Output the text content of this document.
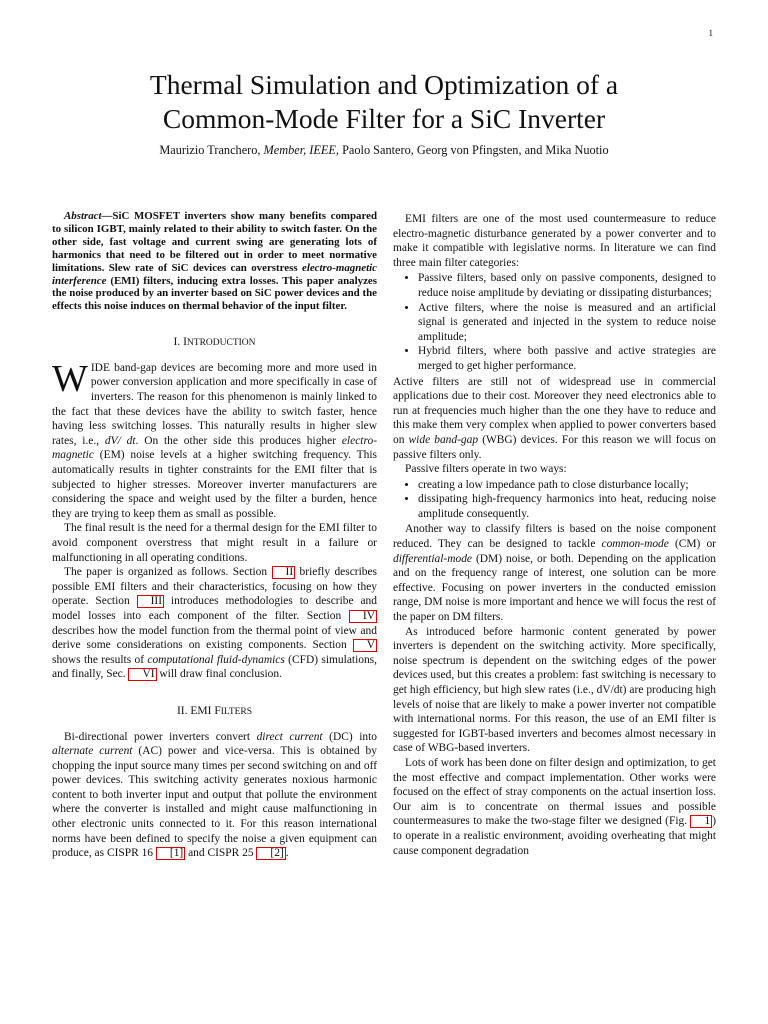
1
Thermal Simulation and Optimization of a
Common-Mode Filter for a SiC Inverter
Maurizio Tranchero, Member, IEEE, Paolo Santero, Georg von Pfingsten, and Mika Nuotio

Abstract—SiC MOSFET inverters show many benefits compared to silicon IGBT, mainly related to their ability to switch faster. On the other side, fast voltage and current swing are generating lots of harmonics that need to be filtered out in order to meet normative limitations. Slew rate of SiC devices can overstress electro-magnetic interference (EMI) filters, inducing extra losses. This paper analyzes the noise produced by an inverter based on SiC power devices and the effects this noise induces on thermal behavior of the input filter.

I. INTRODUCTION

WIDE band-gap devices are becoming more and more used in power conversion application and more specifically in case of inverters. The reason for this phenomenon is mainly linked to the fact that these devices have the ability to switch faster, hence having less switching losses. This naturally results in higher slew rates, i.e., dV/ dt. On the other side this produces higher electro-magnetic (EM) noise levels at a higher switching frequency. This automatically results in tighter constraints for the EMI filter that is subjected to higher stresses. Moreover inverter manufacturers are considering the space and weight used by the filter a burden, hence they are trying to keep them as small as possible.

The final result is the need for a thermal design for the EMI filter to avoid component overstress that might result in a failure or malfunctioning in all operating conditions.

The paper is organized as follows. Section II briefly describes possible EMI filters and their characteristics, focusing on how they operate. Section III introduces methodologies to describe and model losses into each component of the filter. Section IV describes how the model function from the thermal point of view and derive some considerations on existing components. Section V shows the results of computational fluid-dynamics (CFD) simulations, and finally, Sec. VI will draw final conclusion.

II. EMI FILTERS

Bi-directional power inverters convert direct current (DC) into alternate current (AC) power and vice-versa. This is obtained by chopping the input source many times per second switching on and off power devices. This switching activity generates noxious harmonic content to both inverter input and output that pollute the environment where the converter is installed and might cause malfunctioning in other electronic units connected to it. For this reason international norms have been defined to specify the noise a given equipment can produce, as CISPR 16 [1] and CISPR 25 [2] .

EMI filters are one of the most used countermeasure to reduce electro-magnetic disturbance generated by a power converter and to make it compatible with legislative norms. In literature we can find three main filter categories:

• Passive filters, based only on passive components, designed to reduce noise amplitude by deviating or dissipating disturbances;
• Active filters, where the noise is measured and an artificial signal is generated and injected in the system to reduce noise amplitude;
• Hybrid filters, where both passive and active strategies are merged to get higher performance.

Active filters are still not of widespread use in commercial applications due to their cost. Moreover they need electronics able to run at frequencies much higher than the one they have to reduce and this make them very complex when applied to power converters based on wide band-gap (WBG) devices. For this reason we will focus on passive filters only.

Passive filters operate in two ways:

• creating a low impedance path to close disturbance locally;
• dissipating high-frequency harmonics into heat, reducing noise amplitude consequently.

Another way to classify filters is based on the noise component reduced. They can be designed to tackle common-mode (CM) or differential-mode (DM) noise, or both. Depending on the application and on the frequency range of interest, one solution can be more effective. Focusing on power inverters in the conducted emission range, DM noise is more important and hence we will focus the rest of the paper on DM filters.

As introduced before harmonic content generated by power inverters is dependent on the switching activity. More specifically, noise spectrum is dependent on the switching edges of the power devices used, but this creates a problem: fast switching is necessary to get high efficiency, but high slew rates (i.e., dV/dt) are producing high levels of noise that are likely to make a power inverter not compatible with international norms. For this reason, the use of an EMI filter is suggested for IGBT-based inverters and becomes almost necessary in case of WBG-based inverters.

Lots of work has been done on filter design and optimization, to get the most effective and compact implementation. Other works were focused on the effect of stray components on the actual insertion loss. Our aim is to concentrate on thermal issues and possible countermeasures to make the two-stage filter we designed (Fig. 1 ) to operate in a realistic environment, avoiding overheating that might cause component degradation
